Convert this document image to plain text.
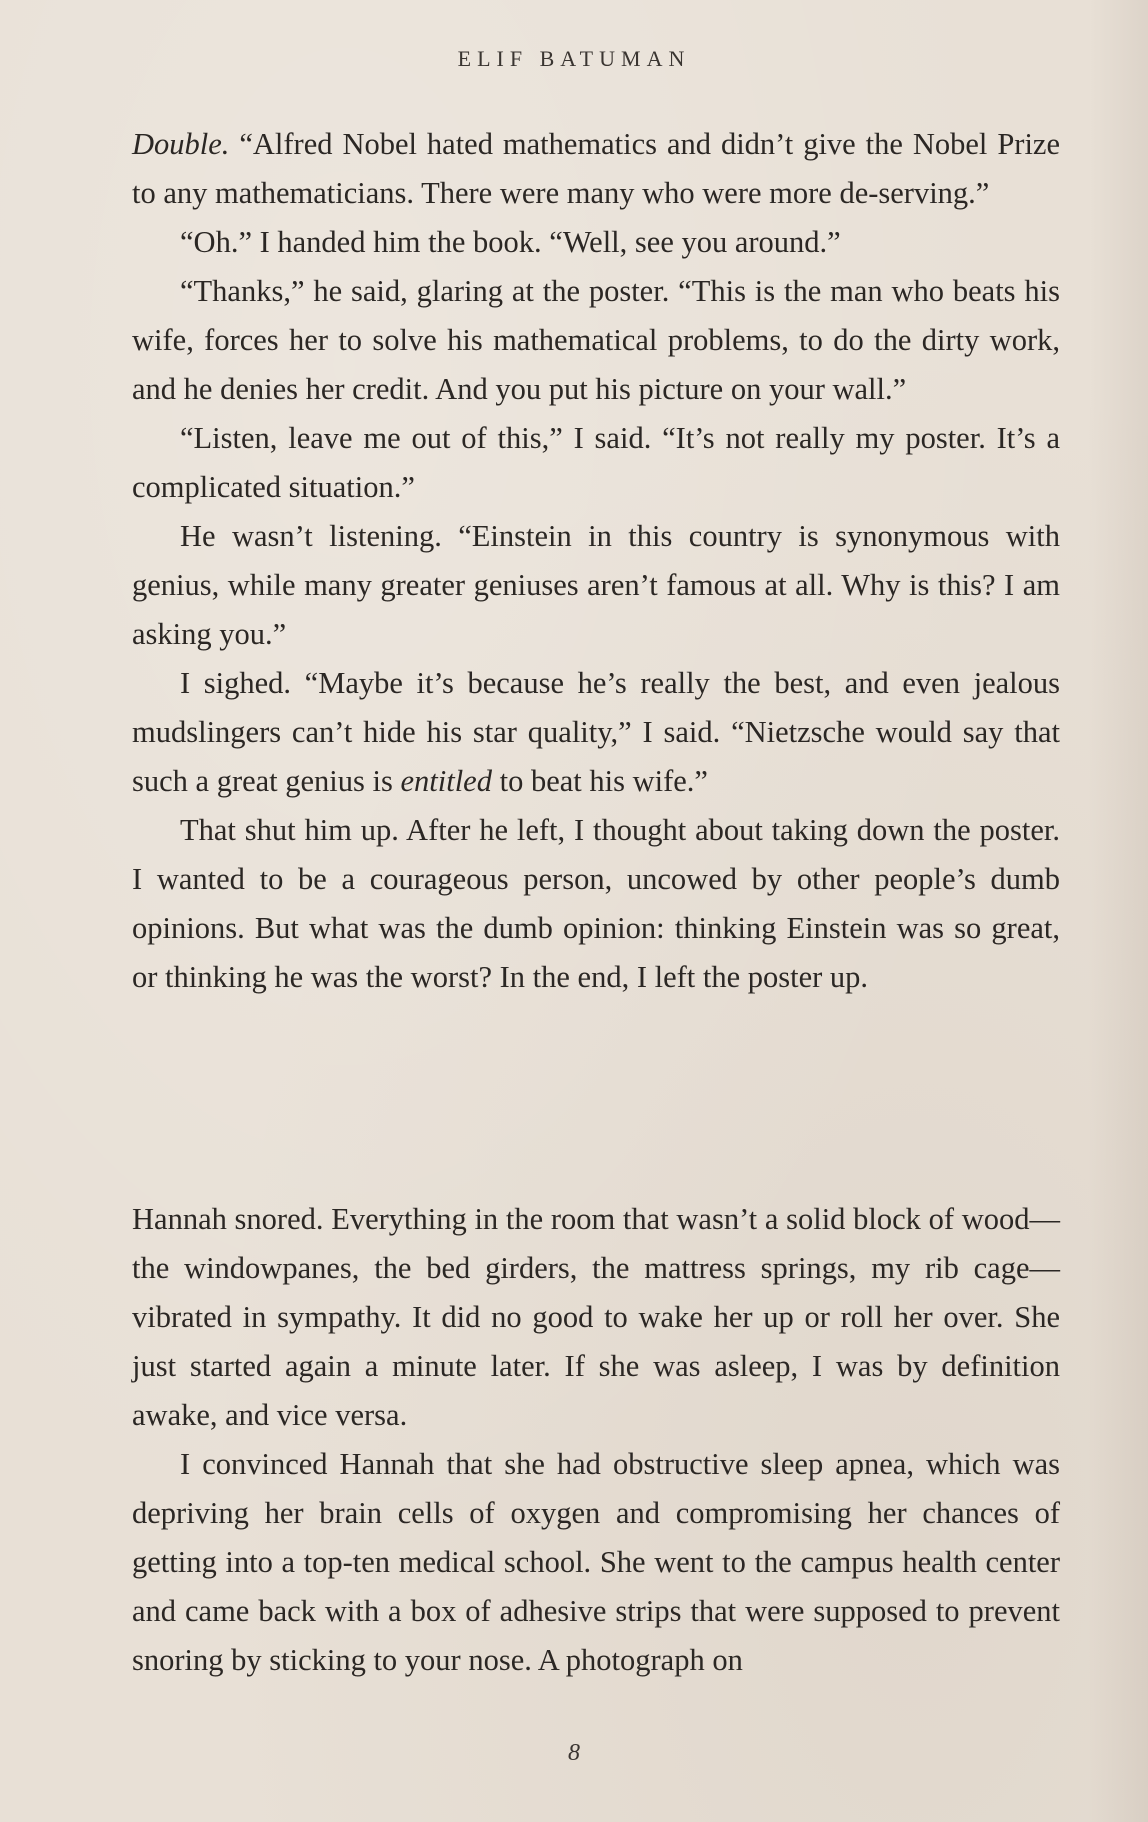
ELIF BATUMAN

Double. “Alfred Nobel hated mathematics and didn’t give the Nobel Prize to any mathematicians. There were many who were more de-serving.”

“Oh.” I handed him the book. “Well, see you around.”

“Thanks,” he said, glaring at the poster. “This is the man who beats his wife, forces her to solve his mathematical problems, to do the dirty work, and he denies her credit. And you put his picture on your wall.”

“Listen, leave me out of this,” I said. “It’s not really my poster. It’s a complicated situation.”

He wasn’t listening. “Einstein in this country is synonymous with genius, while many greater geniuses aren’t famous at all. Why is this? I am asking you.”

I sighed. “Maybe it’s because he’s really the best, and even jealous mudslingers can’t hide his star quality,” I said. “Nietzsche would say that such a great genius is entitled to beat his wife.”

That shut him up. After he left, I thought about taking down the poster. I wanted to be a courageous person, uncowed by other people’s dumb opinions. But what was the dumb opinion: thinking Einstein was so great, or thinking he was the worst? In the end, I left the poster up.

Hannah snored. Everything in the room that wasn’t a solid block of wood—the windowpanes, the bed girders, the mattress springs, my rib cage—vibrated in sympathy. It did no good to wake her up or roll her over. She just started again a minute later. If she was asleep, I was by definition awake, and vice versa.

I convinced Hannah that she had obstructive sleep apnea, which was depriving her brain cells of oxygen and compromising her chances of getting into a top-ten medical school. She went to the campus health center and came back with a box of adhesive strips that were supposed to prevent snoring by sticking to your nose. A photograph on

8
